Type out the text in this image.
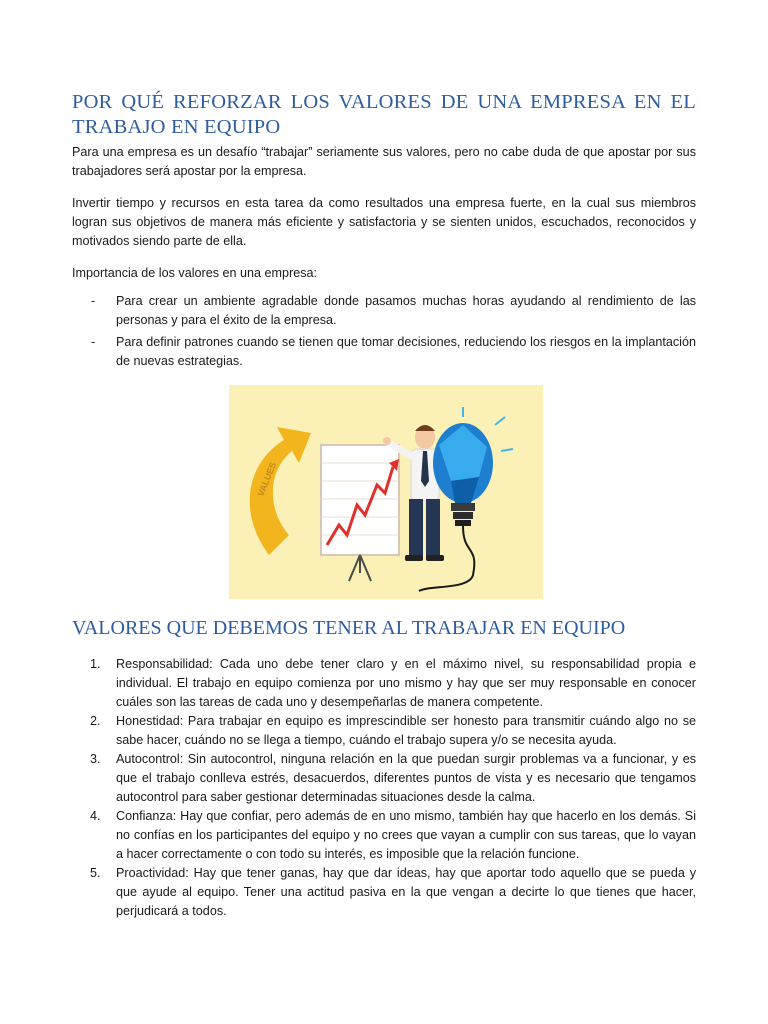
POR QUÉ REFORZAR LOS VALORES DE UNA EMPRESA EN EL TRABAJO EN EQUIPO

Para una empresa es un desafío “trabajar” seriamente sus valores, pero no cabe duda de que apostar por sus trabajadores será apostar por la empresa.

Invertir tiempo y recursos en esta tarea da como resultados una empresa fuerte, en la cual sus miembros logran sus objetivos de manera más eficiente y satisfactoria y se sienten unidos, escuchados, reconocidos y motivados siendo parte de ella.

Importancia de los valores en una empresa:

- Para crear un ambiente agradable donde pasamos muchas horas ayudando al rendimiento de las personas y para el éxito de la empresa.
- Para definir patrones cuando se tienen que tomar decisiones, reduciendo los riesgos en la implantación de nuevas estrategias.
VALUES
VALORES QUE DEBEMOS TENER AL TRABAJAR EN EQUIPO
1. Responsabilidad: Cada uno debe tener claro y en el máximo nivel, su responsabilidad propia e individual. El trabajo en equipo comienza por uno mismo y hay que ser muy responsable en conocer cuáles son las tareas de cada uno y desempeñarlas de manera competente.
2. Honestidad: Para trabajar en equipo es imprescindible ser honesto para transmitir cuándo algo no se sabe hacer, cuándo no se llega a tiempo, cuándo el trabajo supera y/o se necesita ayuda.
3. Autocontrol: Sin autocontrol, ninguna relación en la que puedan surgir problemas va a funcionar, y es que el trabajo conlleva estrés, desacuerdos, diferentes puntos de vista y es necesario que tengamos autocontrol para saber gestionar determinadas situaciones desde la calma.
4. Confianza: Hay que confiar, pero además de en uno mismo, también hay que hacerlo en los demás. Si no confías en los participantes del equipo y no crees que vayan a cumplir con sus tareas, que lo vayan a hacer correctamente o con todo su interés, es imposible que la relación funcione.
5. Proactividad: Hay que tener ganas, hay que dar ideas, hay que aportar todo aquello que se pueda y que ayude al equipo. Tener una actitud pasiva en la que vengan a decirte lo que tienes que hacer, perjudicará a todos.
